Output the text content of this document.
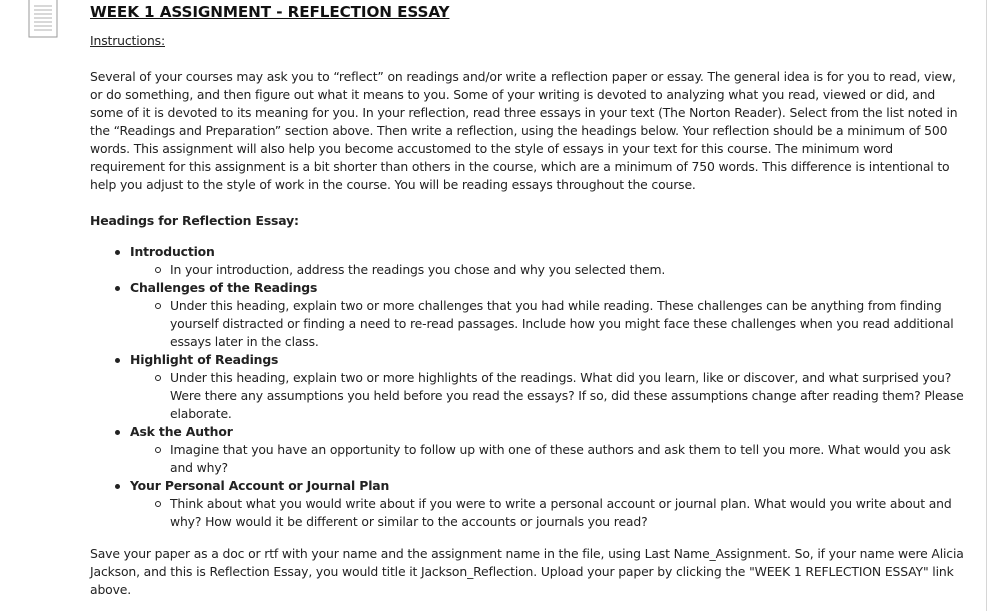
WEEK 1 ASSIGNMENT - REFLECTION ESSAY
Instructions:
Several of your courses may ask you to “reflect” on readings and/or write a reflection paper or essay. The general idea is for you to read, view, or do something, and then figure out what it means to you. Some of your writing is devoted to analyzing what you read, viewed or did, and some of it is devoted to its meaning for you. In your reflection, read three essays in your text (The Norton Reader). Select from the list noted in the “Readings and Preparation” section above. Then write a reflection, using the headings below. Your reflection should be a minimum of 500 words. This assignment will also help you become accustomed to the style of essays in your text for this course. The minimum word requirement for this assignment is a bit shorter than others in the course, which are a minimum of 750 words. This difference is intentional to help you adjust to the style of work in the course. You will be reading essays throughout the course.
Headings for Reflection Essay:
Introduction
In your introduction, address the readings you chose and why you selected them.
Challenges of the Readings
Under this heading, explain two or more challenges that you had while reading. These challenges can be anything from finding yourself distracted or finding a need to re-read passages. Include how you might face these challenges when you read additional essays later in the class.
Highlight of Readings
Under this heading, explain two or more highlights of the readings. What did you learn, like or discover, and what surprised you? Were there any assumptions you held before you read the essays? If so, did these assumptions change after reading them? Please elaborate.
Ask the Author
Imagine that you have an opportunity to follow up with one of these authors and ask them to tell you more. What would you ask and why?
Your Personal Account or Journal Plan
Think about what you would write about if you were to write a personal account or journal plan. What would you write about and why? How would it be different or similar to the accounts or journals you read?
Save your paper as a doc or rtf with your name and the assignment name in the file, using Last Name_Assignment. So, if your name were Alicia Jackson, and this is Reflection Essay, you would title it Jackson_Reflection. Upload your paper by clicking the "WEEK 1 REFLECTION ESSAY" link above.
